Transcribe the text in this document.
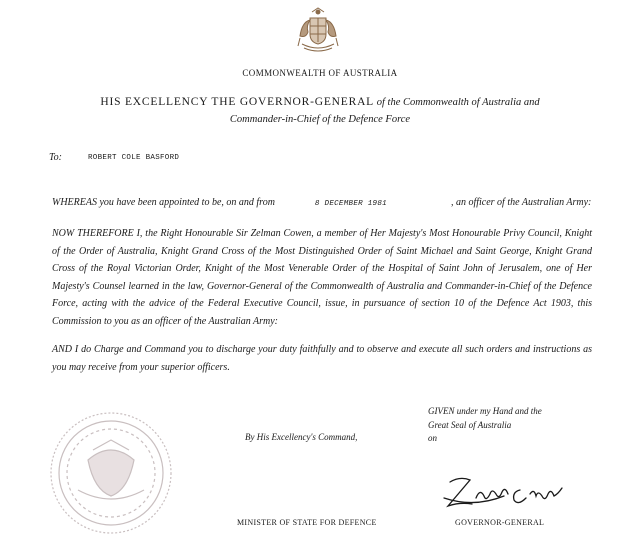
COMMONWEALTH OF AUSTRALIA
HIS EXCELLENCY THE GOVERNOR-GENERAL of the Commonwealth of Australia and
Commander-in-Chief of the Defence Force
To:	ROBERT COLE BASFORD
WHEREAS you have been appointed to be, on and from	8 DECEMBER 1981	, an officer of the Australian Army:
NOW THEREFORE I, the Right Honourable Sir Zelman Cowen, a member of Her Majesty's Most Honourable Privy Council, Knight of the Order of Australia, Knight Grand Cross of the Most Distinguished Order of Saint Michael and Saint George, Knight Grand Cross of the Royal Victorian Order, Knight of the Most Venerable Order of the Hospital of Saint John of Jerusalem, one of Her Majesty's Counsel learned in the law, Governor-General of the Commonwealth of Australia and Commander-in-Chief of the Defence Force, acting with the advice of the Federal Executive Council, issue, in pursuance of section 10 of the Defence Act 1903, this Commission to you as an officer of the Australian Army:
AND I do Charge and Command you to discharge your duty faithfully and to observe and execute all such orders and instructions as you may receive from your superior officers.
GIVEN under my Hand and the
Great Seal of Australia
on
By His Excellency's Command,
MINISTER OF STATE FOR DEFENCE	GOVERNOR-GENERAL
